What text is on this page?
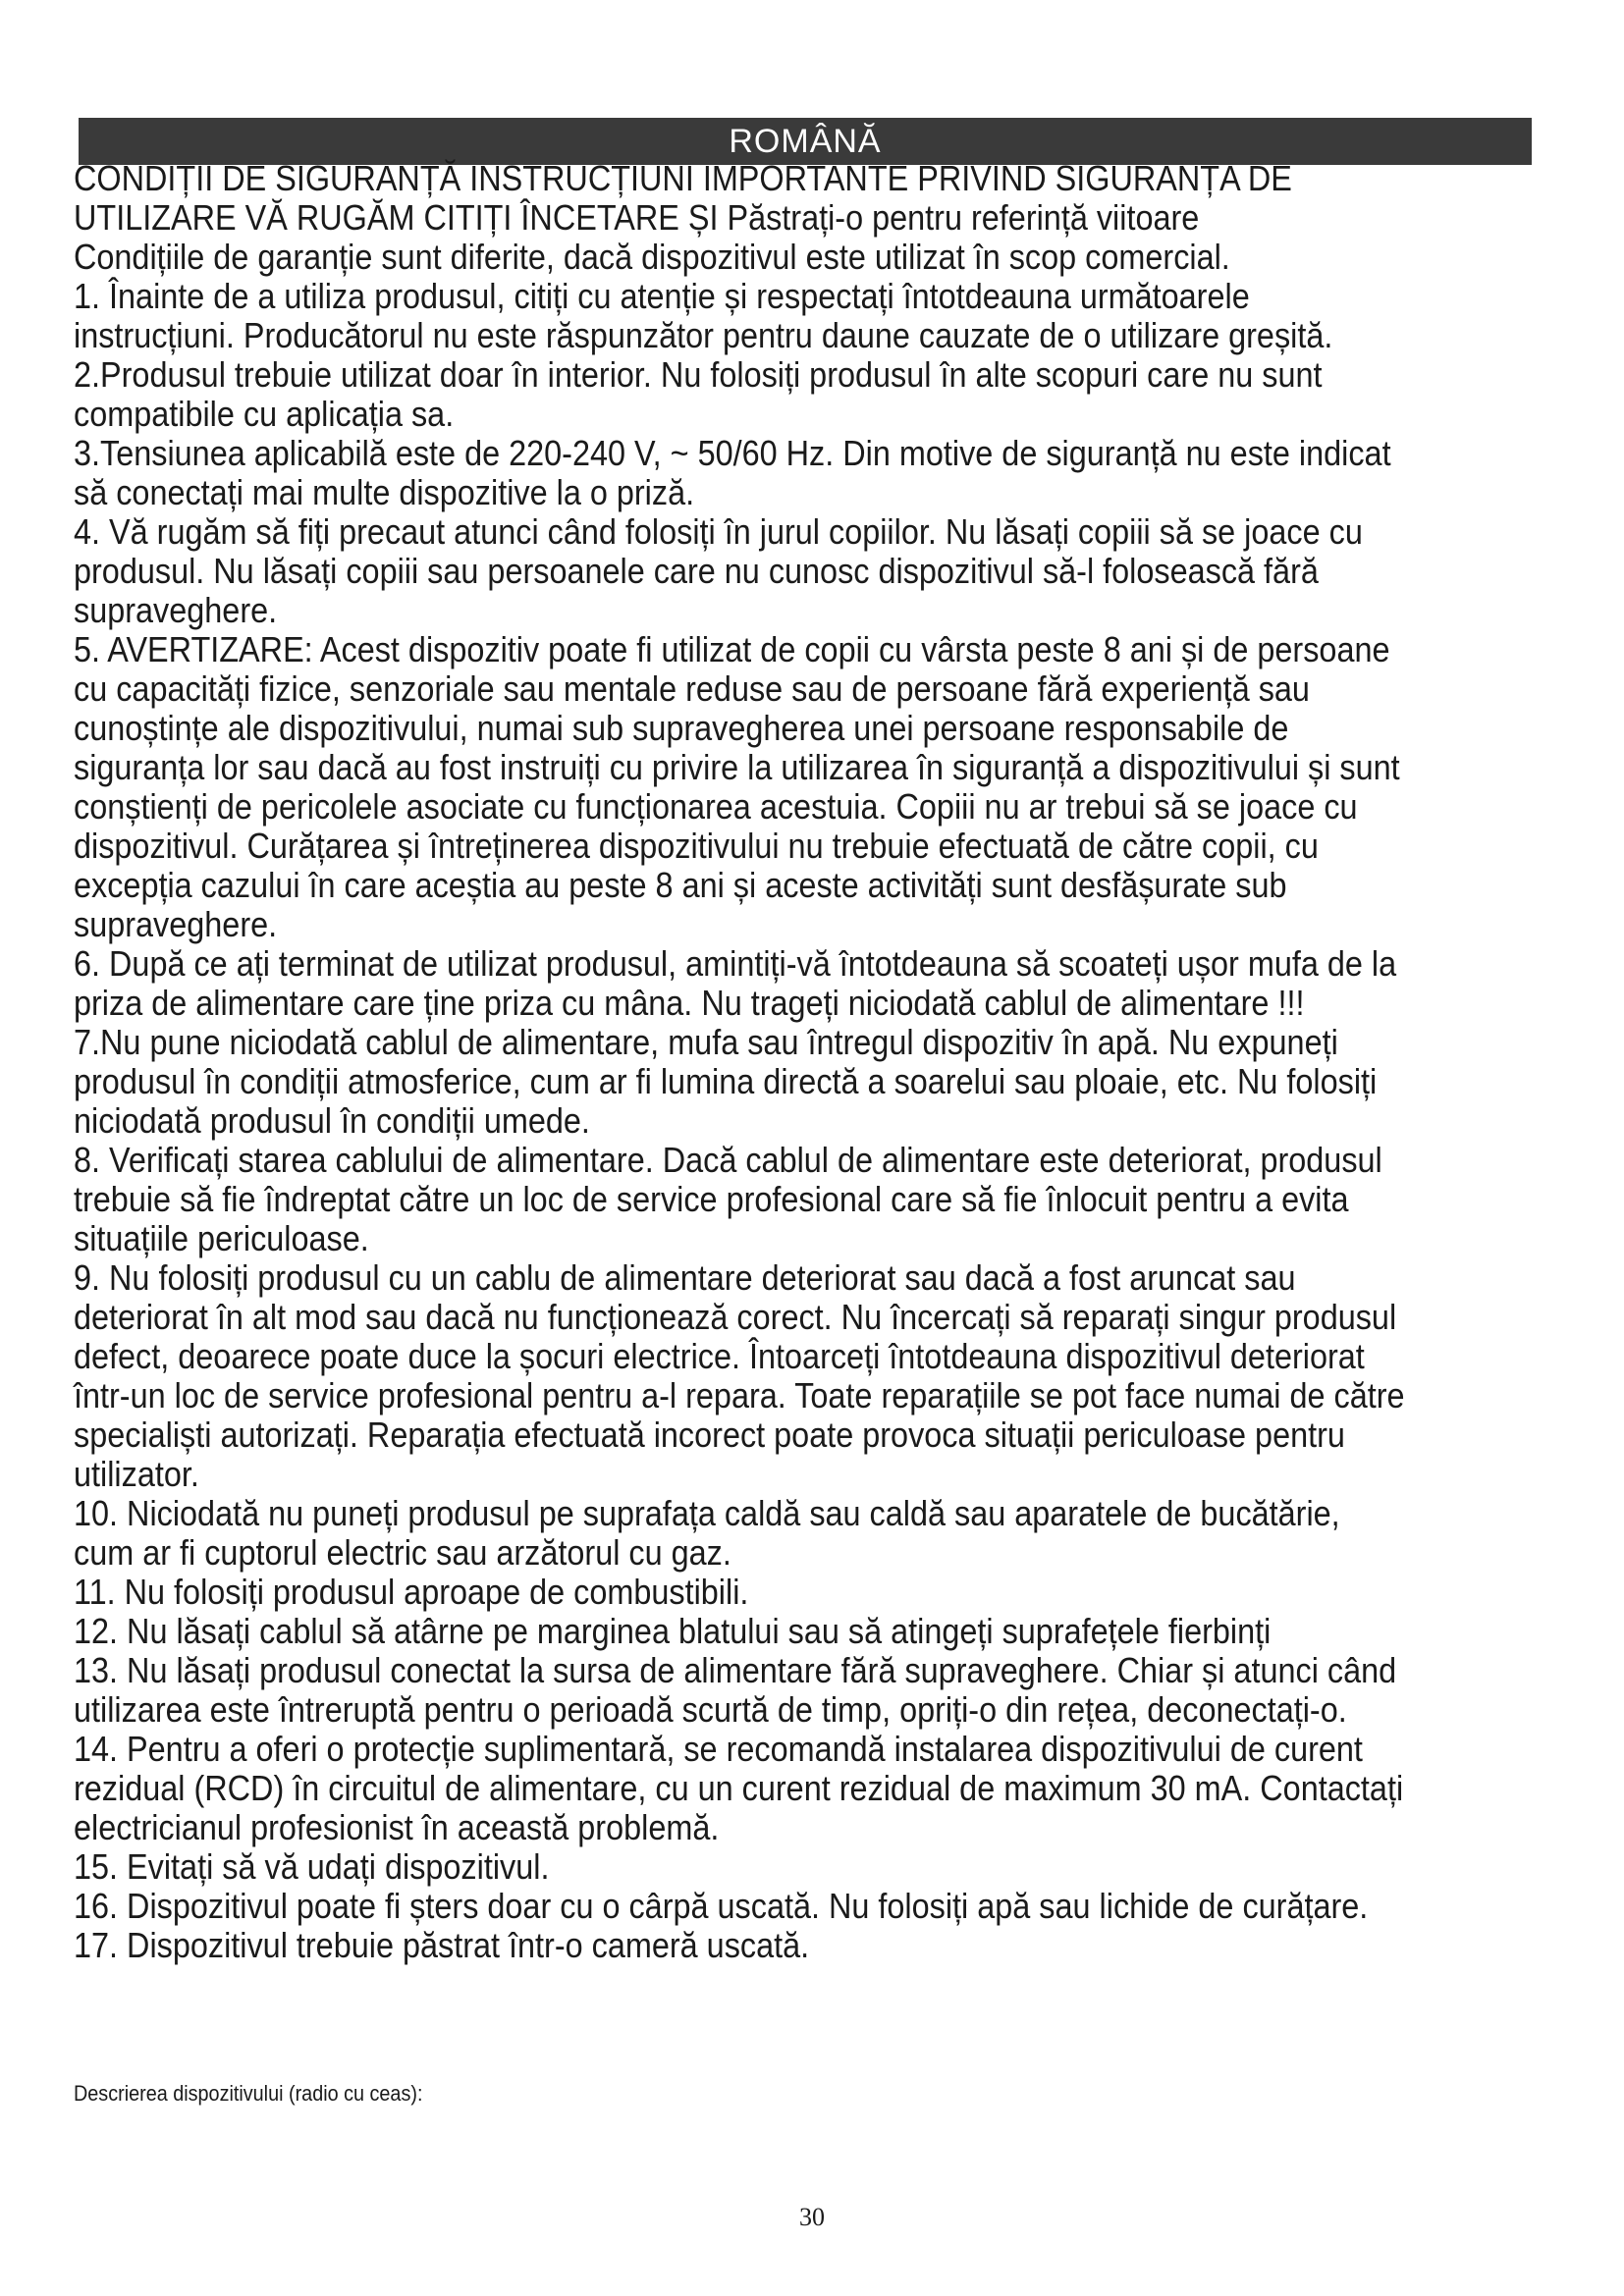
ROMÂNĂ

CONDIȚII DE SIGURANȚĂ INSTRUCȚIUNI IMPORTANTE PRIVIND SIGURANȚA DE UTILIZARE VĂ RUGĂM CITIȚI ÎNCETARE ȘI Păstrați-o pentru referință viitoare

Condițiile de garanție sunt diferite, dacă dispozitivul este utilizat în scop comercial.

1. Înainte de a utiliza produsul, citiți cu atenție și respectați întotdeauna următoarele instrucțiuni. Producătorul nu este răspunzător pentru daune cauzate de o utilizare greșită.

2.Produsul trebuie utilizat doar în interior. Nu folosiți produsul în alte scopuri care nu sunt compatibile cu aplicația sa.

3.Tensiunea aplicabilă este de 220-240 V, ~ 50/60 Hz. Din motive de siguranță nu este indicat să conectați mai multe dispozitive la o priză.

4. Vă rugăm să fiți precaut atunci când folosiți în jurul copiilor. Nu lăsați copiii să se joace cu produsul. Nu lăsați copiii sau persoanele care nu cunosc dispozitivul să-l folosească fără supraveghere.

5. AVERTIZARE: Acest dispozitiv poate fi utilizat de copii cu vârsta peste 8 ani și de persoane cu capacități fizice, senzoriale sau mentale reduse sau de persoane fără experiență sau cunoștințe ale dispozitivului, numai sub supravegherea unei persoane responsabile de siguranța lor sau dacă au fost instruiți cu privire la utilizarea în siguranță a dispozitivului și sunt conștienți de pericolele asociate cu funcționarea acestuia. Copiii nu ar trebui să se joace cu dispozitivul. Curățarea și întreținerea dispozitivului nu trebuie efectuată de către copii, cu excepția cazului în care aceștia au peste 8 ani și aceste activități sunt desfășurate sub supraveghere.

6. După ce ați terminat de utilizat produsul, amintiți-vă întotdeauna să scoateți ușor mufa de la priza de alimentare care ține priza cu mâna. Nu trageți niciodată cablul de alimentare !!!

7.Nu pune niciodată cablul de alimentare, mufa sau întregul dispozitiv în apă. Nu expuneți produsul în condiții atmosferice, cum ar fi lumina directă a soarelui sau ploaie, etc. Nu folosiți niciodată produsul în condiții umede.

8. Verificați starea cablului de alimentare. Dacă cablul de alimentare este deteriorat, produsul trebuie să fie îndreptat către un loc de service profesional care să fie înlocuit pentru a evita situațiile periculoase.

9. Nu folosiți produsul cu un cablu de alimentare deteriorat sau dacă a fost aruncat sau deteriorat în alt mod sau dacă nu funcționează corect. Nu încercați să reparați singur produsul defect, deoarece poate duce la șocuri electrice. Întoarceți întotdeauna dispozitivul deteriorat într-un loc de service profesional pentru a-l repara. Toate reparațiile se pot face numai de către specialiști autorizați. Reparația efectuată incorect poate provoca situații periculoase pentru utilizator.

10. Niciodată nu puneți produsul pe suprafața caldă sau caldă sau aparatele de bucătărie, cum ar fi cuptorul electric sau arzătorul cu gaz.

11. Nu folosiți produsul aproape de combustibili.

12. Nu lăsați cablul să atârne pe marginea blatului sau să atingeți suprafețele fierbinți

13. Nu lăsați produsul conectat la sursa de alimentare fără supraveghere. Chiar și atunci când utilizarea este întreruptă pentru o perioadă scurtă de timp, opriți-o din rețea, deconectați-o.

14. Pentru a oferi o protecție suplimentară, se recomandă instalarea dispozitivului de curent rezidual (RCD) în circuitul de alimentare, cu un curent rezidual de maximum 30 mA. Contactați electricianul profesionist în această problemă.

15. Evitați să vă udați dispozitivul.

16. Dispozitivul poate fi șters doar cu o cârpă uscată. Nu folosiți apă sau lichide de curățare.

17. Dispozitivul trebuie păstrat într-o cameră uscată.

Descrierea dispozitivului (radio cu ceas):
30
